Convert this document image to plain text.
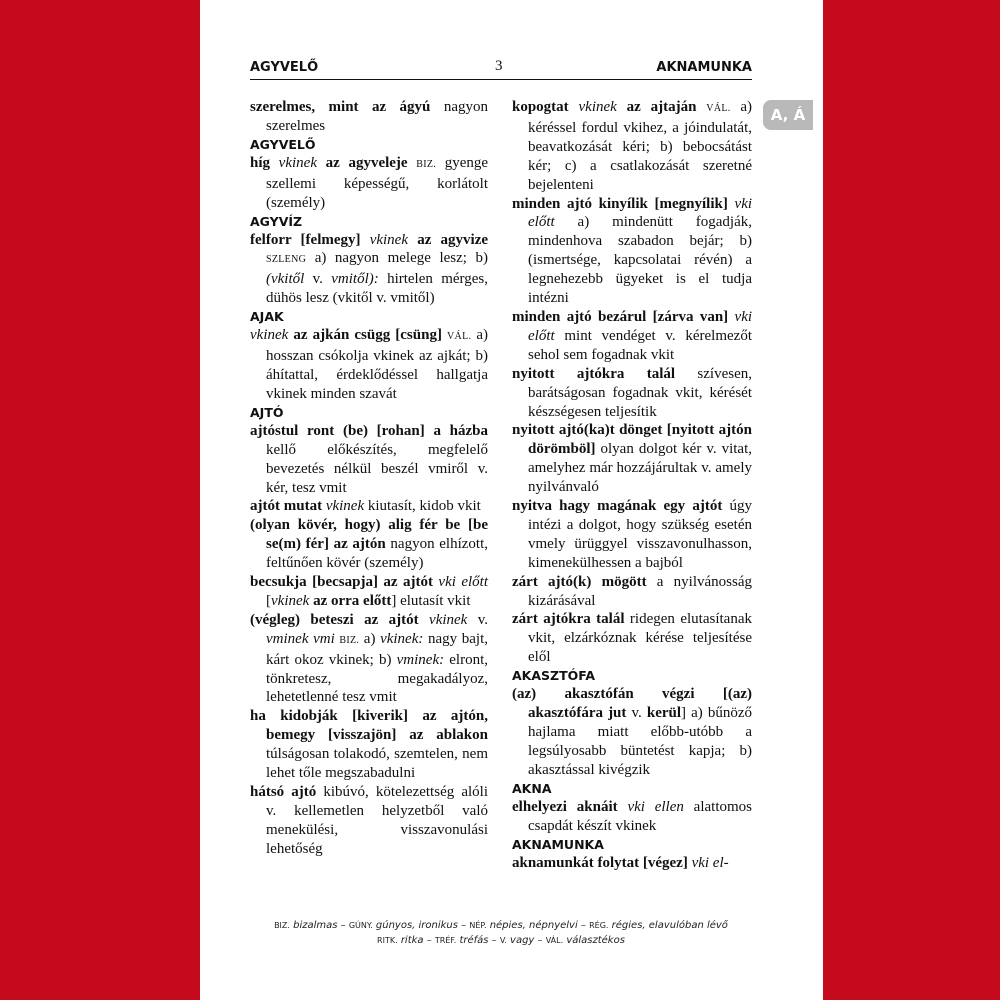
A, Á
AGYVELŐ	3	AKNAMUNKA

szerelmes, mint az ágyú nagyon szerelmes

AGYVELŐ

híg vkinek az agyveleje BIZ. gyenge szellemi képességű, korlátolt (személy)

AGYVÍZ

felforr [felmegy] vkinek az agyvize SZLENG a) nagyon melege lesz; b) (vkitől v. vmitől): hirtelen mérges, dühös lesz (vkitől v. vmitől)

AJAK

vkinek az ajkán csügg [csüng] VÁL. a) hosszan csókolja vkinek az ajkát; b) áhítattal, érdeklődéssel hallgatja vkinek minden szavát

AJTÓ

ajtóstul ront (be) [rohan] a házba kellő előkészítés, megfelelő bevezetés nélkül beszél vmiről v. kér, tesz vmit

ajtót mutat vkinek kiutasít, kidob vkit

(olyan kövér, hogy) alig fér be [be se(m) fér] az ajtón nagyon elhízott, feltűnően kövér (személy)

becsukja [becsapja] az ajtót vki előtt [vkinek az orra előtt] elutasít vkit

(végleg) beteszi az ajtót vkinek v. vminek vmi BIZ. a) vkinek: nagy bajt, kárt okoz vkinek; b) vminek: elront, tönkretesz, megakadályoz, lehetetlenné tesz vmit

ha kidobják [kiverik] az ajtón, bemegy [visszajön] az ablakon túlságosan tolakodó, szemtelen, nem lehet tőle megszabadulni

hátsó ajtó kibúvó, kötelezettség alóli v. kellemetlen helyzetből való menekülési, visszavonulási lehetőség

kopogtat vkinek az ajtaján VÁL. a) kéréssel fordul vkihez, a jóindulatát, beavatkozását kéri; b) bebocsátást kér; c) a csatlakozását szeretné bejelenteni

minden ajtó kinyílik [megnyílik] vki előtt a) mindenütt fogadják, mindenhova szabadon bejár; b) (ismertsége, kapcsolatai révén) a legnehezebb ügyeket is el tudja intézni

minden ajtó bezárul [zárva van] vki előtt mint vendéget v. kérelmezőt sehol sem fogadnak vkit

nyitott ajtókra talál szívesen, barátságosan fogadnak vkit, kérését készségesen teljesítik

nyitott ajtó(ka)t dönget [nyitott ajtón dörömböl] olyan dolgot kér v. vitat, amelyhez már hozzájárultak v. amely nyilvánvaló

nyitva hagy magának egy ajtót úgy intézi a dolgot, hogy szükség esetén vmely ürüggyel visszavonulhasson, kimenekülhessen a bajból

zárt ajtó(k) mögött a nyilvánosság kizárásával

zárt ajtókra talál ridegen elutasítanak vkit, elzárkóznak kérése teljesítése elől

AKASZTÓFA

(az) akasztófán végzi [(az) akasztófára jut v. kerül] a) bűnöző hajlama miatt előbb-utóbb a legsúlyosabb büntetést kapja; b) akasztással kivégzik

AKNA

elhelyezi aknáit vki ellen alattomos csapdát készít vkinek

AKNAMUNKA

aknamunkát folytat [végez] vki el-

BIZ. bizalmas – GÚNY. gúnyos, ironikus – NÉP. népies, népnyelvi – RÉG. régies, elavulóban lévő
RITK. ritka – TRÉF. tréfás – V. vagy – VÁL. választékos
